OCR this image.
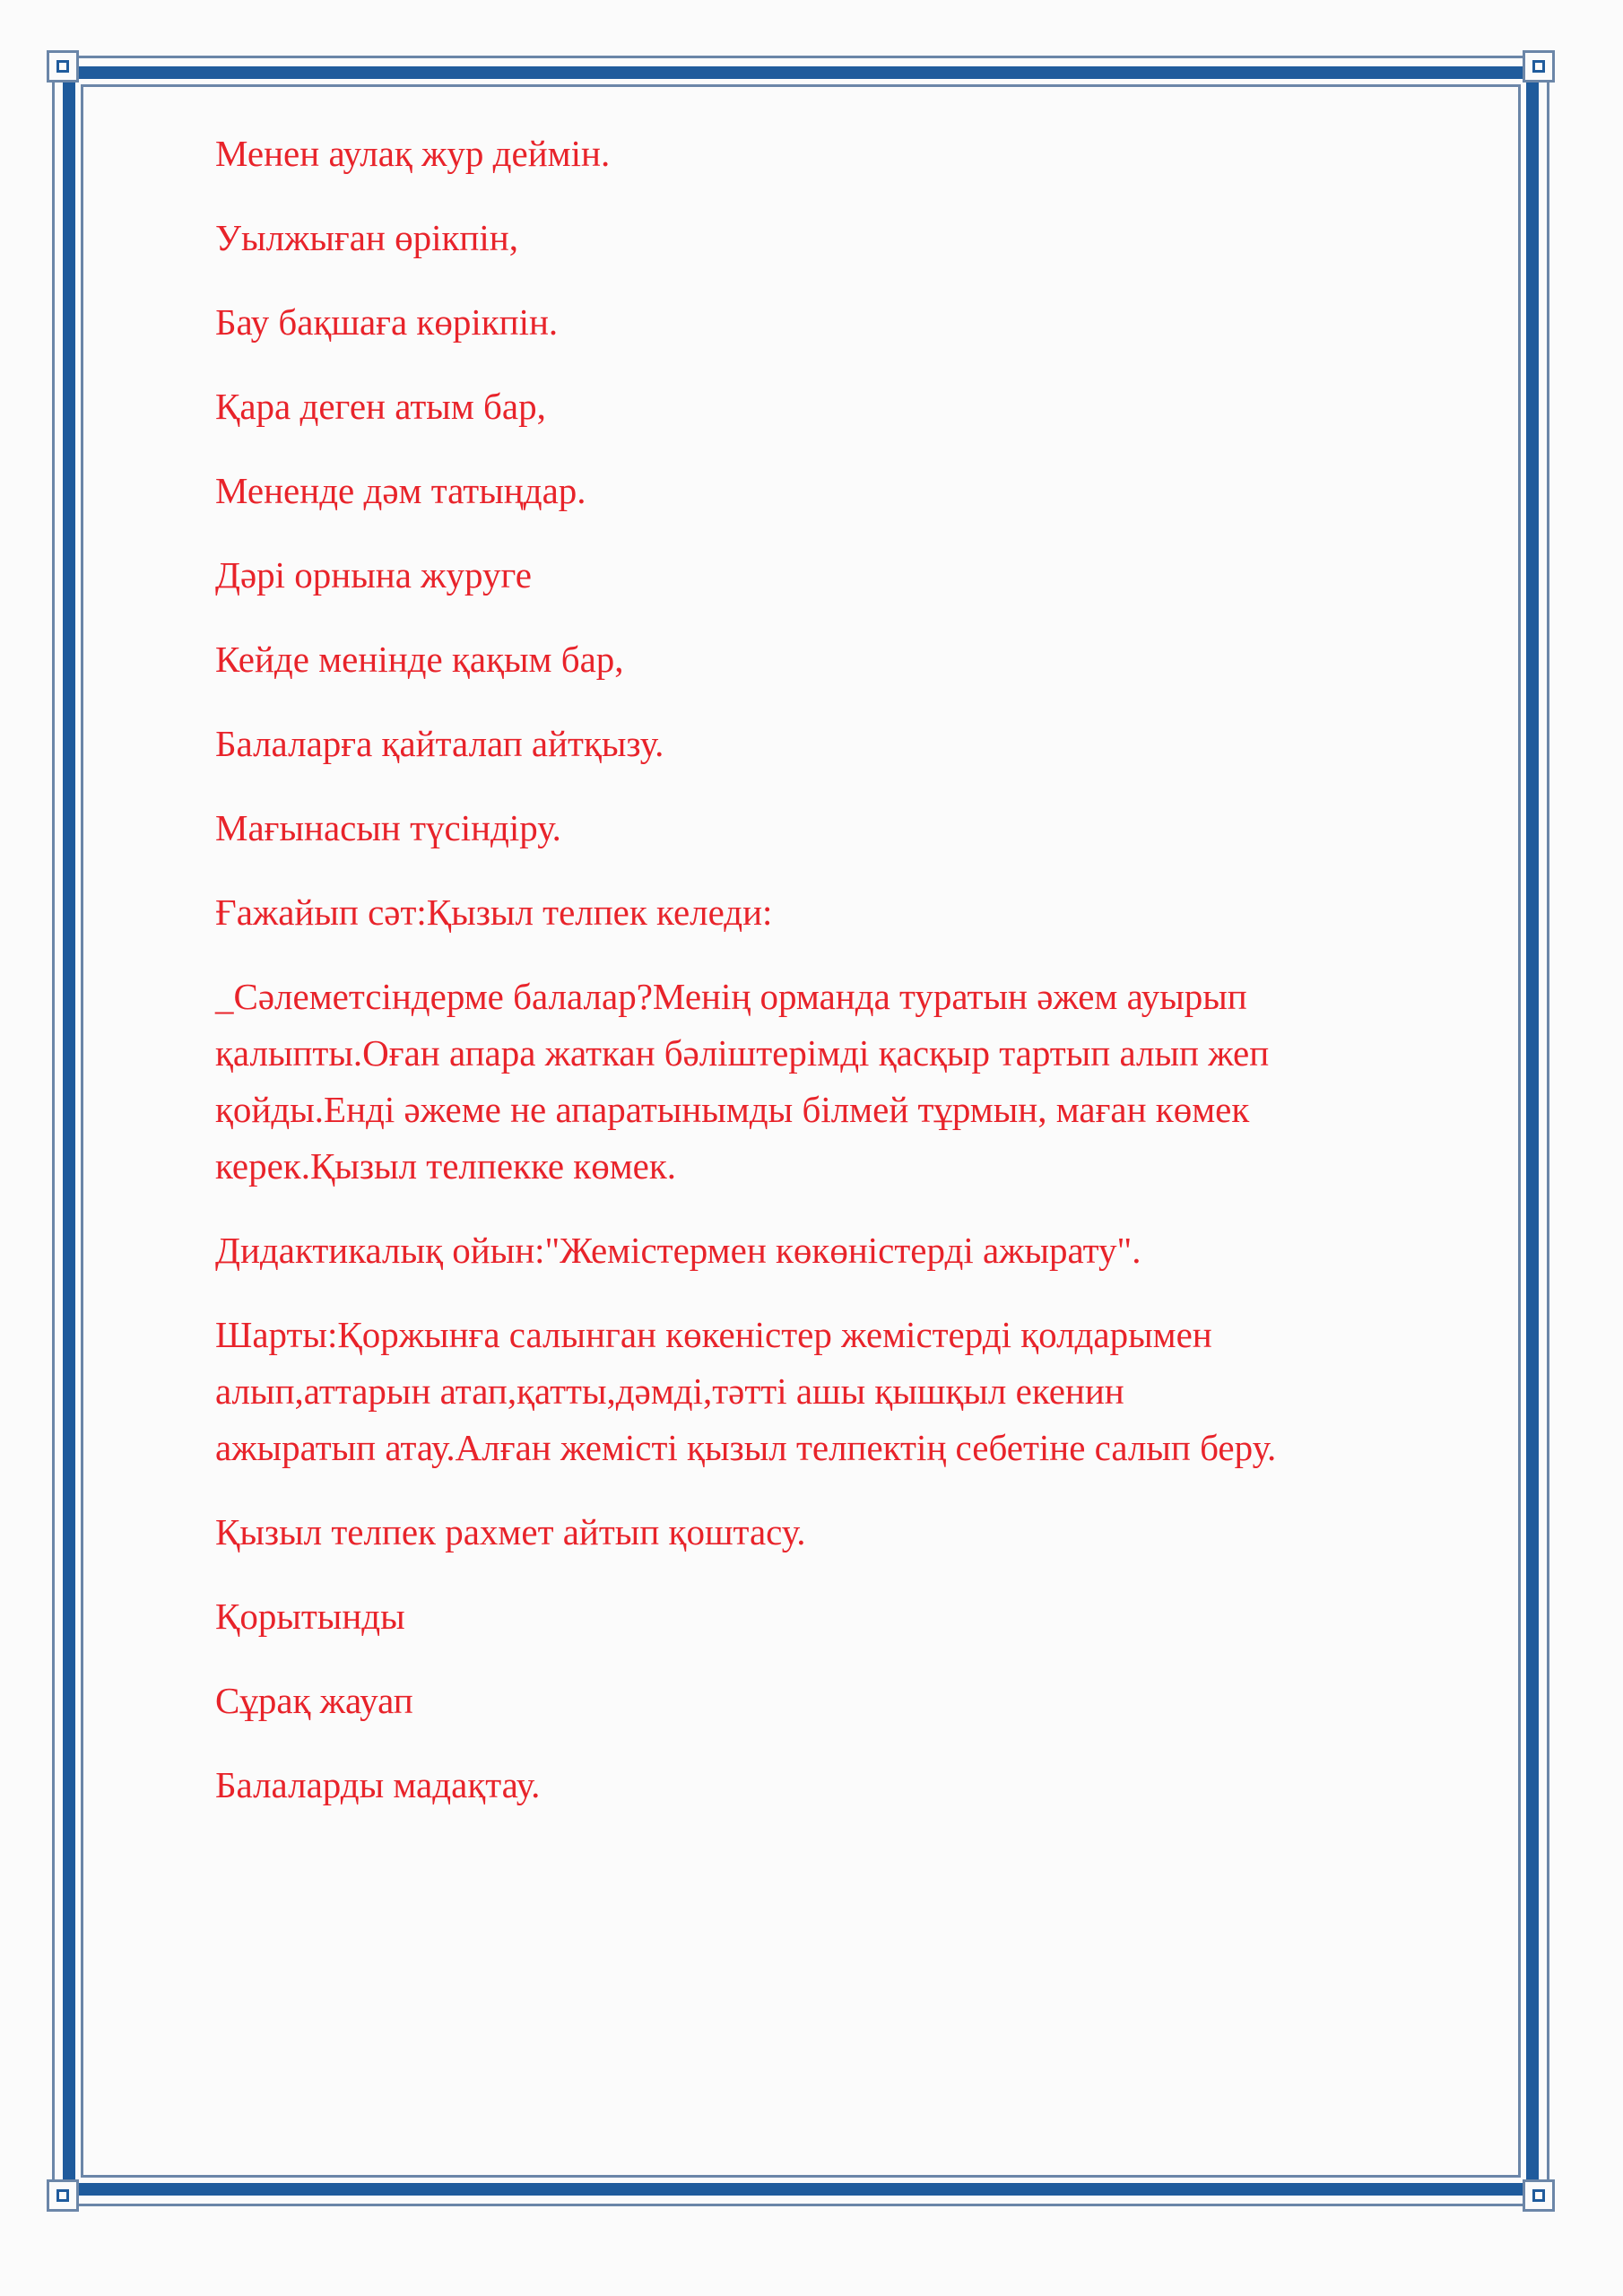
Менен аулақ жур деймін.

Уылжыған өрікпін,

Бау бақшаға көрікпін.

Қара деген атым бар,

Мененде дәм татыңдар.

Дәрі орнына журуге

Кейде менінде қақым бар,

Балаларға қайталап айтқызу.

Мағынасын түсіндіру.

Ғажайып сәт:Қызыл телпек келеди:

_Сәлеметсіндерме балалар?Менің орманда туратын әжем ауырып
қалыпты.Оған апара жаткан бәліштерімді қасқыр тартып алып жеп
қойды.Енді әжеме не апаратынымды білмей тұрмын, маған көмек
керек.Қызыл телпекке көмек.

Дидактикалық ойын:"Жемістермен көкөністерді ажырату".

Шарты:Қоржынға салынган көкеністер жемістерді қолдарымен
алып,аттарын атап,қатты,дәмді,тәтті ашы қышқыл екенин
ажыратып атау.Алған жемісті қызыл телпектің себетіне салып беру.

Қызыл телпек рахмет айтып қоштасу.

Қорытынды

Сұрақ жауап

Балаларды мадақтау.
